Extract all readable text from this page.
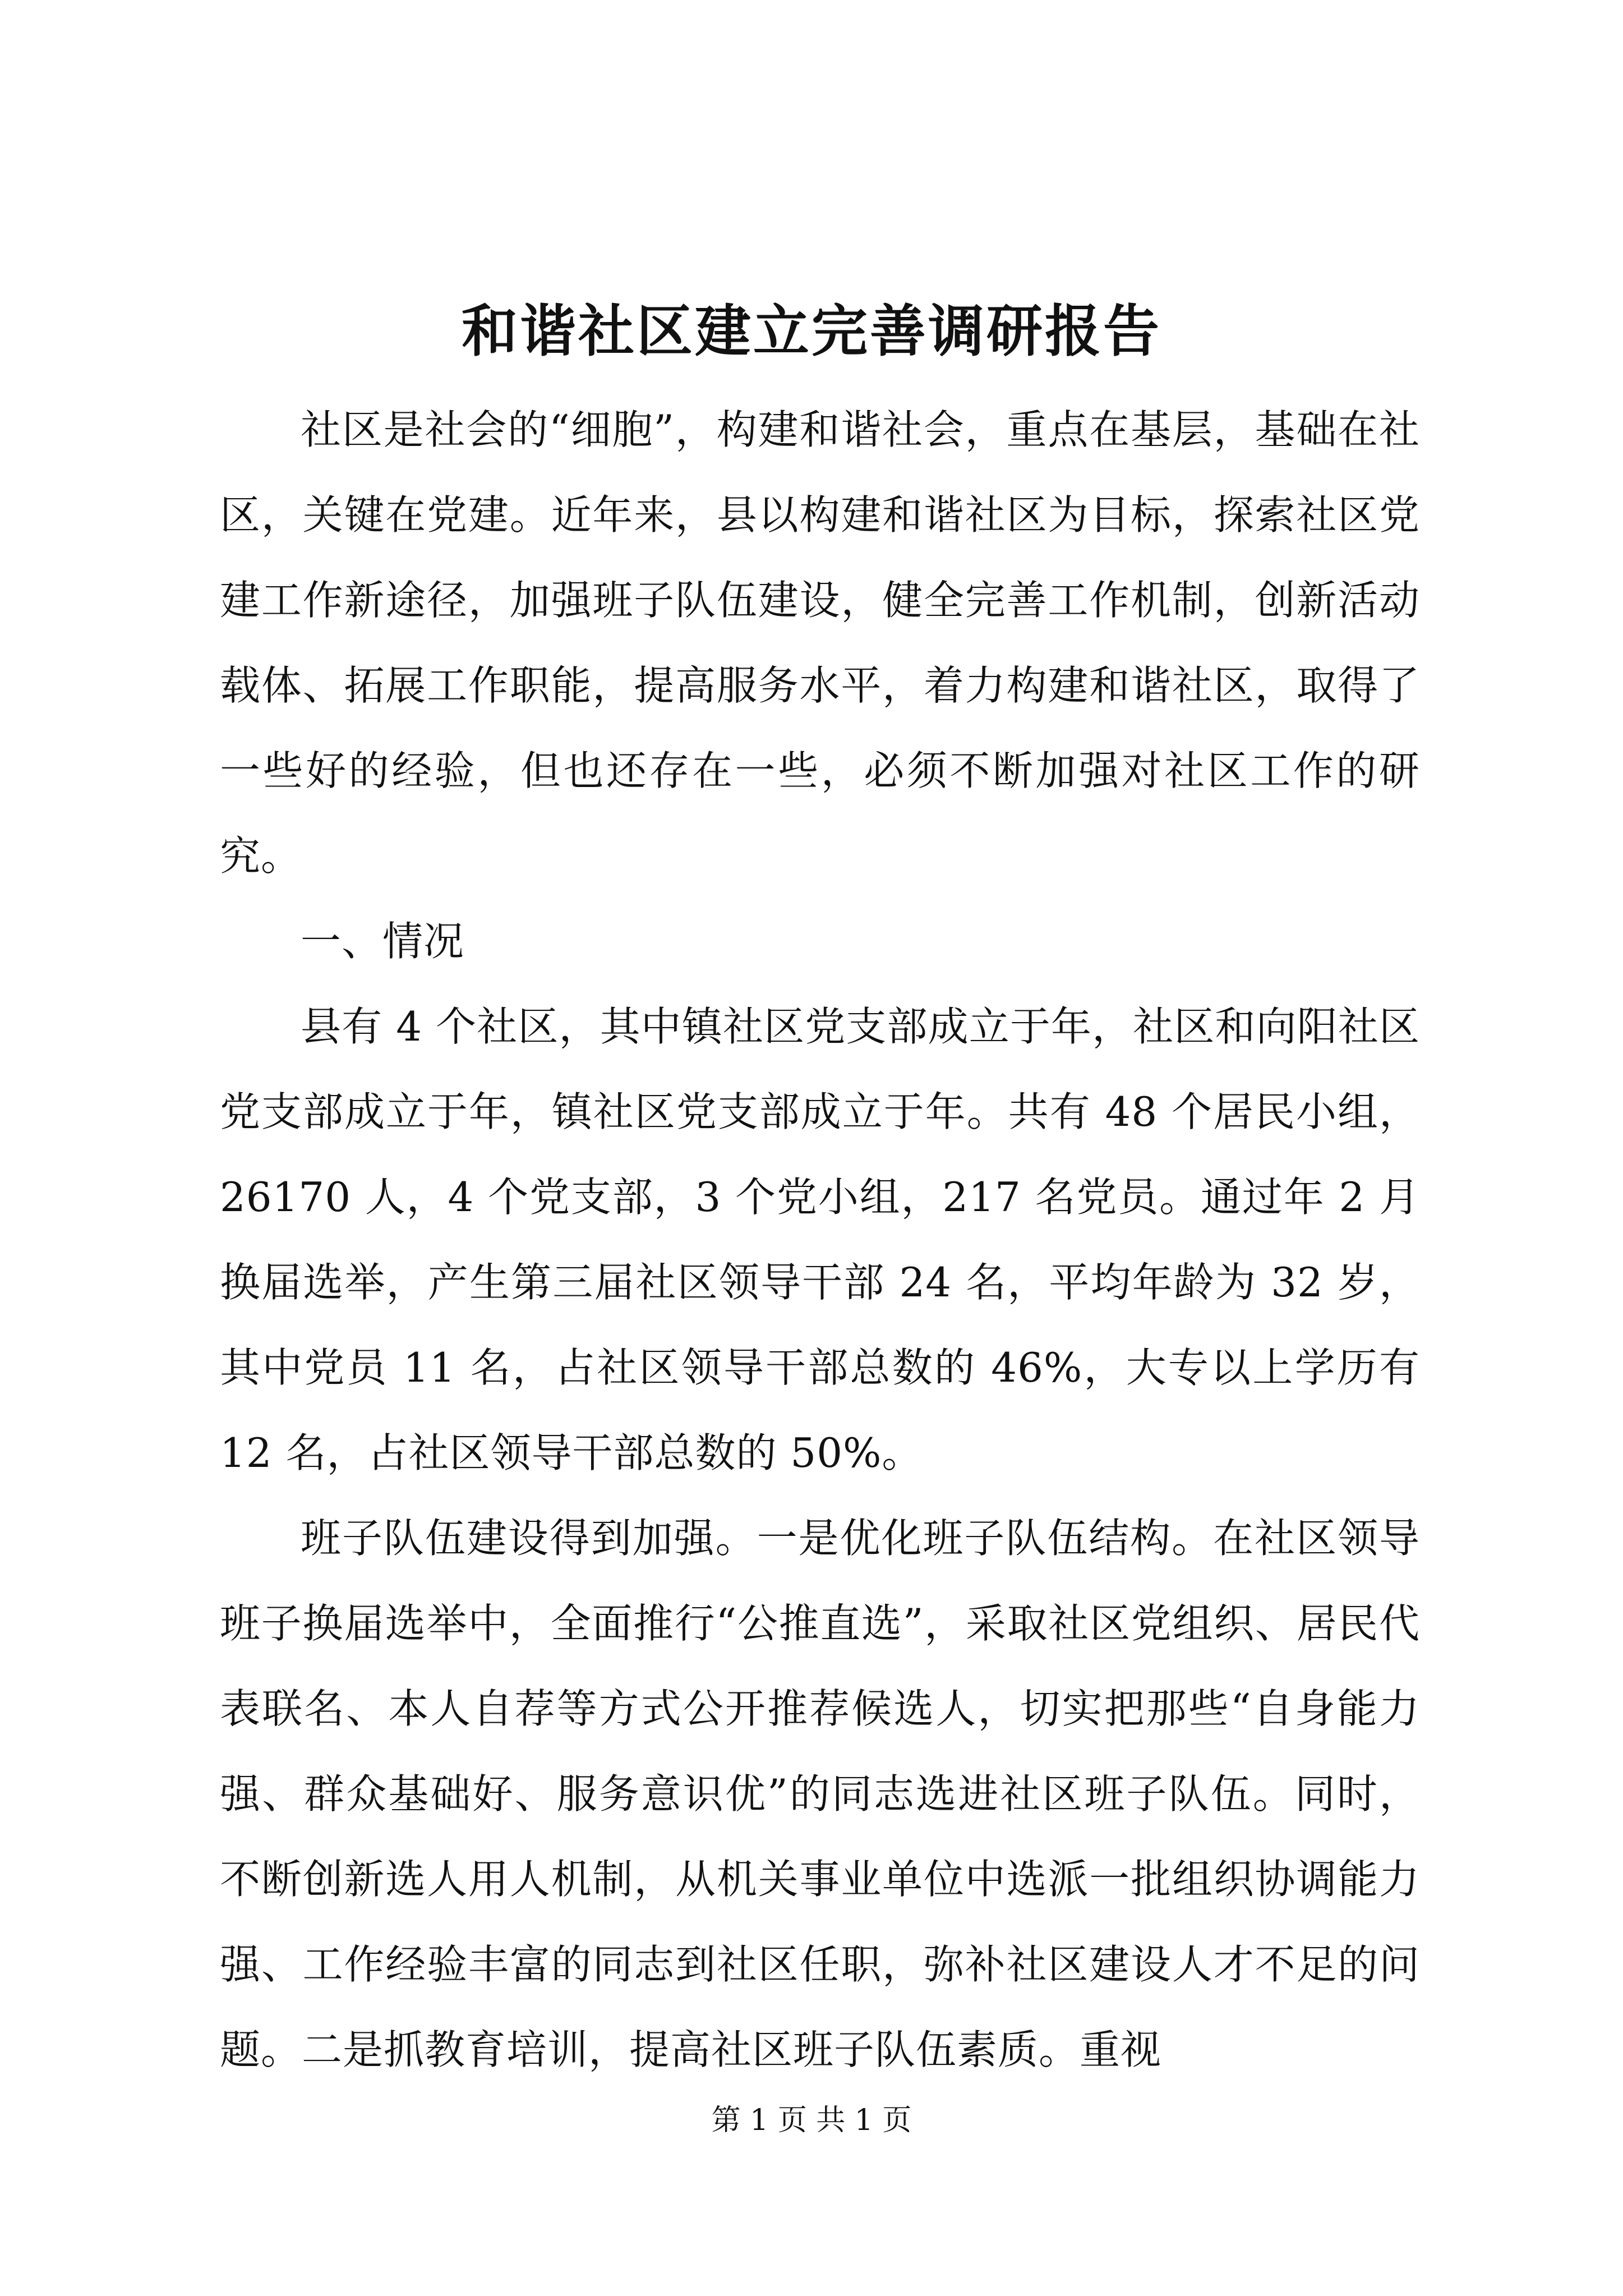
和谐社区建立完善调研报告

社区是社会的“细胞”，构建和谐社会，重点在基层，基础在社区，关键在党建。近年来，县以构建和谐社区为目标，探索社区党建工作新途径，加强班子队伍建设，健全完善工作机制，创新活动载体、拓展工作职能，提高服务水平，着力构建和谐社区，取得了一些好的经验，但也还存在一些，必须不断加强对社区工作的研究。

一、情况

县有 4 个社区，其中镇社区党支部成立于年，社区和向阳社区党支部成立于年，镇社区党支部成立于年。共有 48 个居民小组，26170 人，4 个党支部，3 个党小组，217 名党员。通过年 2 月换届选举，产生第三届社区领导干部 24 名，平均年龄为 32 岁，其中党员 11 名，占社区领导干部总数的 46%，大专以上学历有 12 名，占社区领导干部总数的 50%。

班子队伍建设得到加强。一是优化班子队伍结构。在社区领导班子换届选举中，全面推行“公推直选”，采取社区党组织、居民代表联名、本人自荐等方式公开推荐候选人，切实把那些“自身能力强、群众基础好、服务意识优”的同志选进社区班子队伍。同时，不断创新选人用人机制，从机关事业单位中选派一批组织协调能力强、工作经验丰富的同志到社区任职，弥补社区建设人才不足的问题。二是抓教育培训，提高社区班子队伍素质。重视

第 1 页 共 1 页
